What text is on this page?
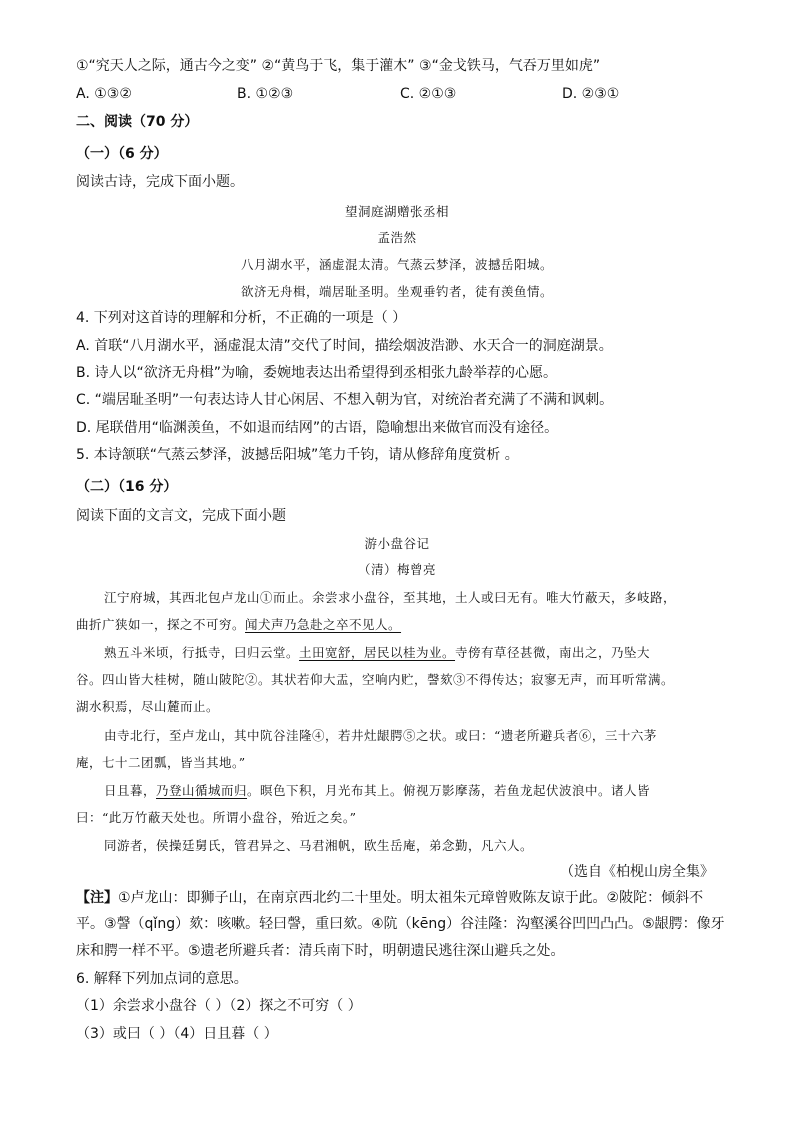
①“究天人之际，通古今之变” ②“黄鸟于飞，集于灌木” ③“金戈铁马，气吞万里如虎”
A. ①③②	B. ①②③	C. ②①③	D. ②③①
二、阅读（70 分）
（一）（6 分）
阅读古诗，完成下面小题。
望洞庭湖赠张丞相
孟浩然
八月湖水平，涵虚混太清。气蒸云梦泽，波撼岳阳城。
欲济无舟楫，端居耻圣明。坐观垂钓者，徒有羡鱼情。
4. 下列对这首诗的理解和分析，不正确的一项是（ ）
A. 首联“八月湖水平，涵虚混太清”交代了时间，描绘烟波浩渺、水天合一的洞庭湖景。
B. 诗人以“欲济无舟楫”为喻，委婉地表达出希望得到丞相张九龄举荐的心愿。
C. “端居耻圣明”一句表达诗人甘心闲居、不想入朝为官，对统治者充满了不满和讽刺。
D. 尾联借用“临渊羡鱼，不如退而结网”的古语，隐喻想出来做官而没有途径。
5. 本诗颔联“气蒸云梦泽，波撼岳阳城”笔力千钧，请从修辞角度赏析 。
（二）（16 分）
阅读下面的文言文，完成下面小题
游小盘谷记
（清）梅曾亮
江宁府城，其西北包卢龙山①而止。余尝求小盘谷，至其地，土人或曰无有。唯大竹蔽天，多岐路，
曲折广狭如一，探之不可穷。闻犬声乃急赴之卒不见人。
熟五斗米顷，行抵寺，曰归云堂。土田宽舒，居民以桂为业。寺傍有草径甚微，南出之，乃坠大
谷。四山皆大桂树，随山陂陀②。其状若仰大盂，空响内贮，謦欬③不得传达；寂寥无声，而耳听常满。
湖水积焉，尽山麓而止。
由寺北行，至卢龙山，其中阬谷洼隆④，若井灶龈腭⑤之状。或曰：“遗老所避兵者⑥，三十六茅
庵，七十二团瓢，皆当其地。”
日且暮，乃登山循城而归。暝色下积，月光布其上。俯视万影摩荡，若鱼龙起伏波浪中。诸人皆
曰：“此万竹蔽天处也。所谓小盘谷，殆近之矣。”
同游者，侯操廷舅氏，管君异之、马君湘帆，欧生岳庵，弟念勤，凡六人。
（选自《柏枧山房全集》
【注】①卢龙山：即狮子山，在南京西北约二十里处。明太祖朱元璋曾败陈友谅于此。②陂陀：倾斜不
平。③謦（qǐng）欬：咳嗽。轻曰謦，重曰欬。④阬（kēng）谷洼隆：沟壑溪谷凹凹凸凸。⑤龈腭：像牙
床和腭一样不平。⑤遗老所避兵者：清兵南下时，明朝遗民逃往深山避兵之处。
6. 解释下列加点词的意思。
（1）余尝求小盘谷（ ）（2）探之不可穷（ ）
（3）或曰（ ）（4）日且暮（ ）
